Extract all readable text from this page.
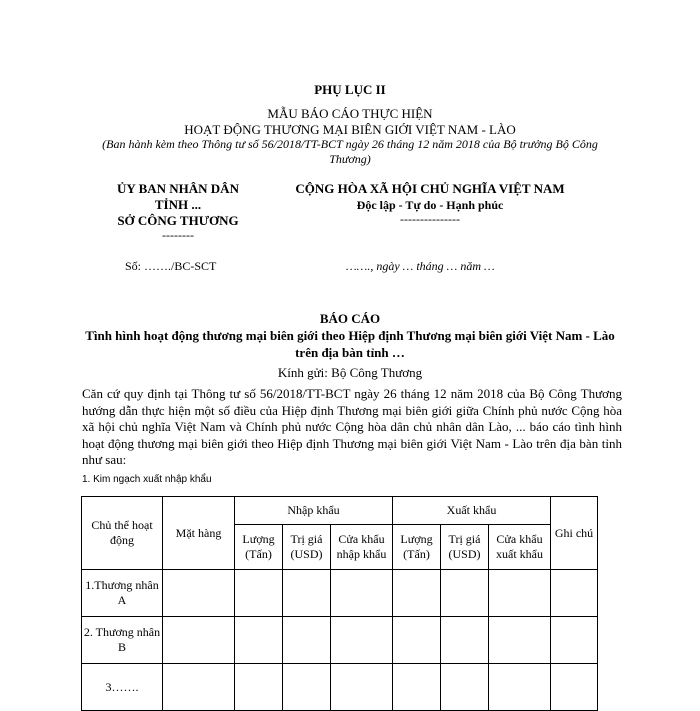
PHỤ LỤC II
MẪU BÁO CÁO THỰC HIỆN
HOẠT ĐỘNG THƯƠNG MẠI BIÊN GIỚI VIỆT NAM - LÀO
(Ban hành kèm theo Thông tư số 56/2018/TT-BCT ngày 26 tháng 12 năm 2018 của Bộ trưởng Bộ Công Thương)
ỦY BAN NHÂN DÂN
TỈNH ...
SỞ CÔNG THƯƠNG
--------
CỘNG HÒA XÃ HỘI CHỦ NGHĨA VIỆT NAM
Độc lập - Tự do - Hạnh phúc
---------------
Số: ……./BC-SCT	……., ngày … tháng … năm …
BÁO CÁO
Tình hình hoạt động thương mại biên giới theo Hiệp định Thương mại biên giới Việt Nam - Lào trên địa bàn tỉnh …
Kính gửi: Bộ Công Thương
Căn cứ quy định tại Thông tư số 56/2018/TT-BCT ngày 26 tháng 12 năm 2018 của Bộ Công Thương hướng dẫn thực hiện một số điều của Hiệp định Thương mại biên giới giữa Chính phủ nước Cộng hòa xã hội chủ nghĩa Việt Nam và Chính phủ nước Cộng hòa dân chủ nhân dân Lào, ... báo cáo tình hình hoạt động thương mại biên giới theo Hiệp định Thương mại biên giới Việt Nam - Lào trên địa bàn tỉnh như sau:
1. Kim ngạch xuất nhập khẩu
Chủ thể hoạt động	Mặt hàng	Nhập khẩu			Xuất khẩu			Ghi chú
		Lượng (Tấn)	Trị giá (USD)	Cửa khẩu nhập khẩu	Lượng (Tấn)	Trị giá (USD)	Cửa khẩu xuất khẩu	
1.Thương nhân A								
2. Thương nhân B								
3…….								
